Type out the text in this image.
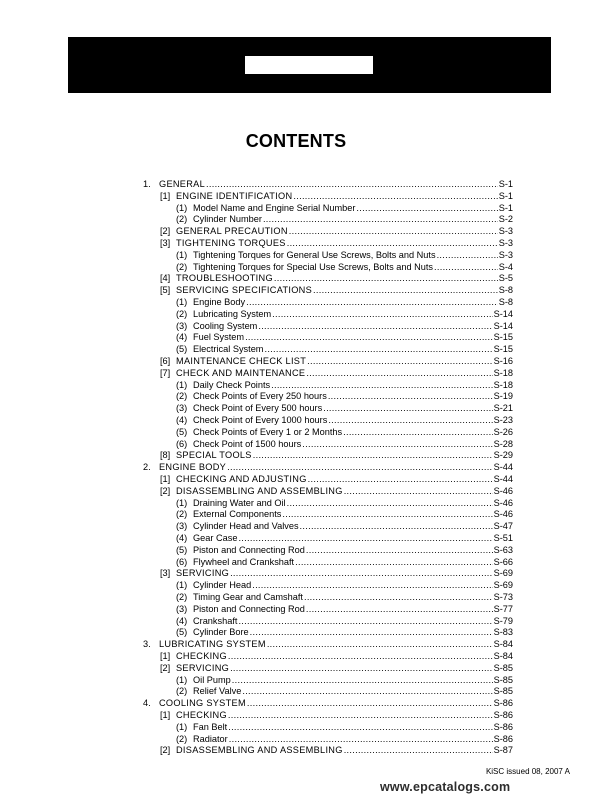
CONTENTS
1. GENERAL .....	S-1
[1] ENGINE IDENTIFICATION .....	S-1
(1) Model Name and Engine Serial Number .....	S-1
(2) Cylinder Number .....	S-2
[2] GENERAL PRECAUTION .....	S-3
[3] TIGHTENING TORQUES .....	S-3
(1) Tightening Torques for General Use Screws, Bolts and Nuts .....	S-3
(2) Tightening Torques for Special Use Screws, Bolts and Nuts .....	S-4
[4] TROUBLESHOOTING .....	S-5
[5] SERVICING SPECIFICATIONS .....	S-8
(1) Engine Body .....	S-8
(2) Lubricating System .....	S-14
(3) Cooling System .....	S-14
(4) Fuel System .....	S-15
(5) Electrical System .....	S-15
[6] MAINTENANCE CHECK LIST .....	S-16
[7] CHECK AND MAINTENANCE .....	S-18
(1) Daily Check Points .....	S-18
(2) Check Points of Every 250 hours .....	S-19
(3) Check Point of Every 500 hours .....	S-21
(4) Check Point of Every 1000 hours .....	S-23
(5) Check Points of Every 1 or 2 Months .....	S-26
(6) Check Point of 1500 hours .....	S-28
[8] SPECIAL TOOLS .....	S-29
2. ENGINE BODY .....	S-44
[1] CHECKING AND ADJUSTING .....	S-44
[2] DISASSEMBLING AND ASSEMBLING .....	S-46
(1) Draining Water and Oil .....	S-46
(2) External Components .....	S-46
(3) Cylinder Head and Valves .....	S-47
(4) Gear Case .....	S-51
(5) Piston and Connecting Rod .....	S-63
(6) Flywheel and Crankshaft .....	S-66
[3] SERVICING .....	S-69
(1) Cylinder Head .....	S-69
(2) Timing Gear and Camshaft .....	S-73
(3) Piston and Connecting Rod .....	S-77
(4) Crankshaft .....	S-79
(5) Cylinder Bore .....	S-83
3. LUBRICATING SYSTEM .....	S-84
[1] CHECKING .....	S-84
[2] SERVICING .....	S-85
(1) Oil Pump .....	S-85
(2) Relief Valve .....	S-85
4. COOLING SYSTEM .....	S-86
[1] CHECKING .....	S-86
(1) Fan Belt .....	S-86
(2) Radiator .....	S-86
[2] DISASSEMBLING AND ASSEMBLING .....	S-87
KiSC issued 08, 2007 A
www.epcatalogs.com
